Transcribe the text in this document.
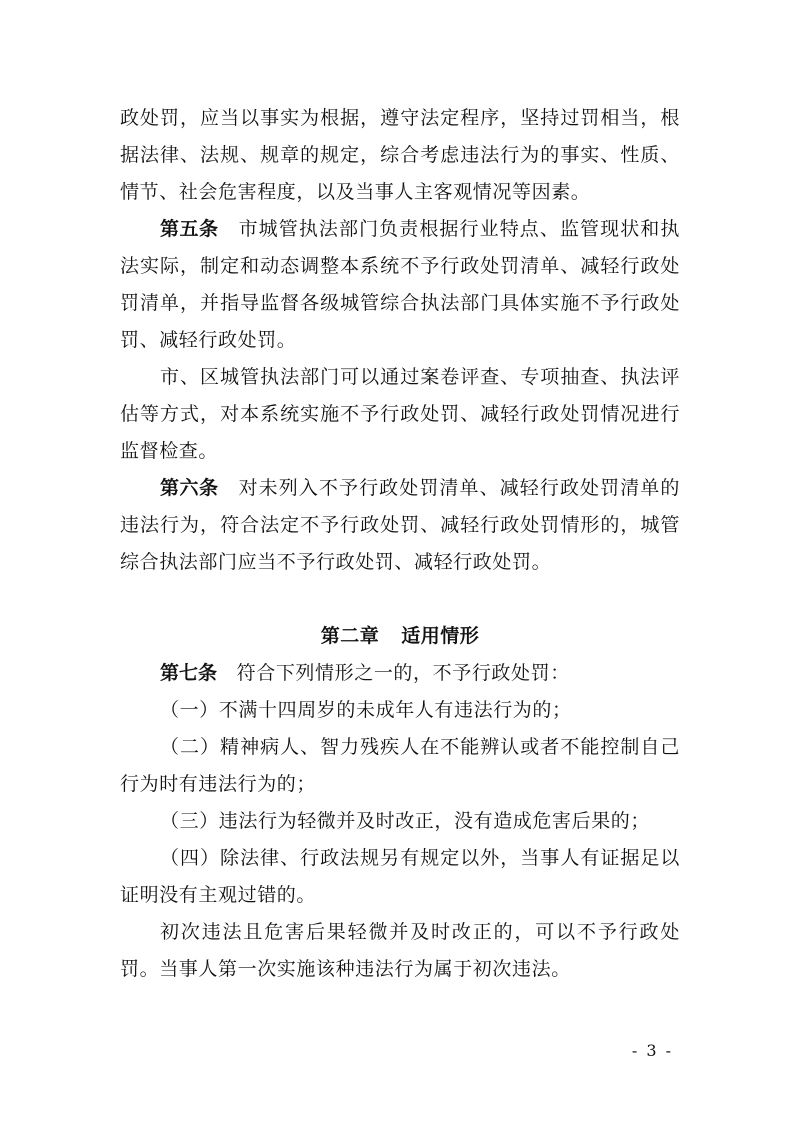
政处罚，应当以事实为根据，遵守法定程序，坚持过罚相当，根据法律、法规、规章的规定，综合考虑违法行为的事实、性质、情节、社会危害程度，以及当事人主客观情况等因素。

第五条　 市城管执法部门负责根据行业特点、监管现状和执法实际，制定和动态调整本系统不予行政处罚清单、减轻行政处罚清单，并指导监督各级城管综合执法部门具体实施不予行政处罚、减轻行政处罚。

市、区城管执法部门可以通过案卷评查、专项抽查、执法评估等方式，对本系统实施不予行政处罚、减轻行政处罚情况进行监督检查。

第六条　 对未列入不予行政处罚清单、减轻行政处罚清单的违法行为，符合法定不予行政处罚、减轻行政处罚情形的，城管综合执法部门应当不予行政处罚、减轻行政处罚。

第二章 适用情形

第七条　 符合下列情形之一的，不予行政处罚：

（一）不满十四周岁的未成年人有违法行为的；

（二）精神病人、智力残疾人在不能辨认或者不能控制自己行为时有违法行为的；

（三）违法行为轻微并及时改正，没有造成危害后果的；

（四）除法律、行政法规另有规定以外，当事人有证据足以证明没有主观过错的。

初次违法且危害后果轻微并及时改正的，可以不予行政处罚。当事人第一次实施该种违法行为属于初次违法。

- 3 -
